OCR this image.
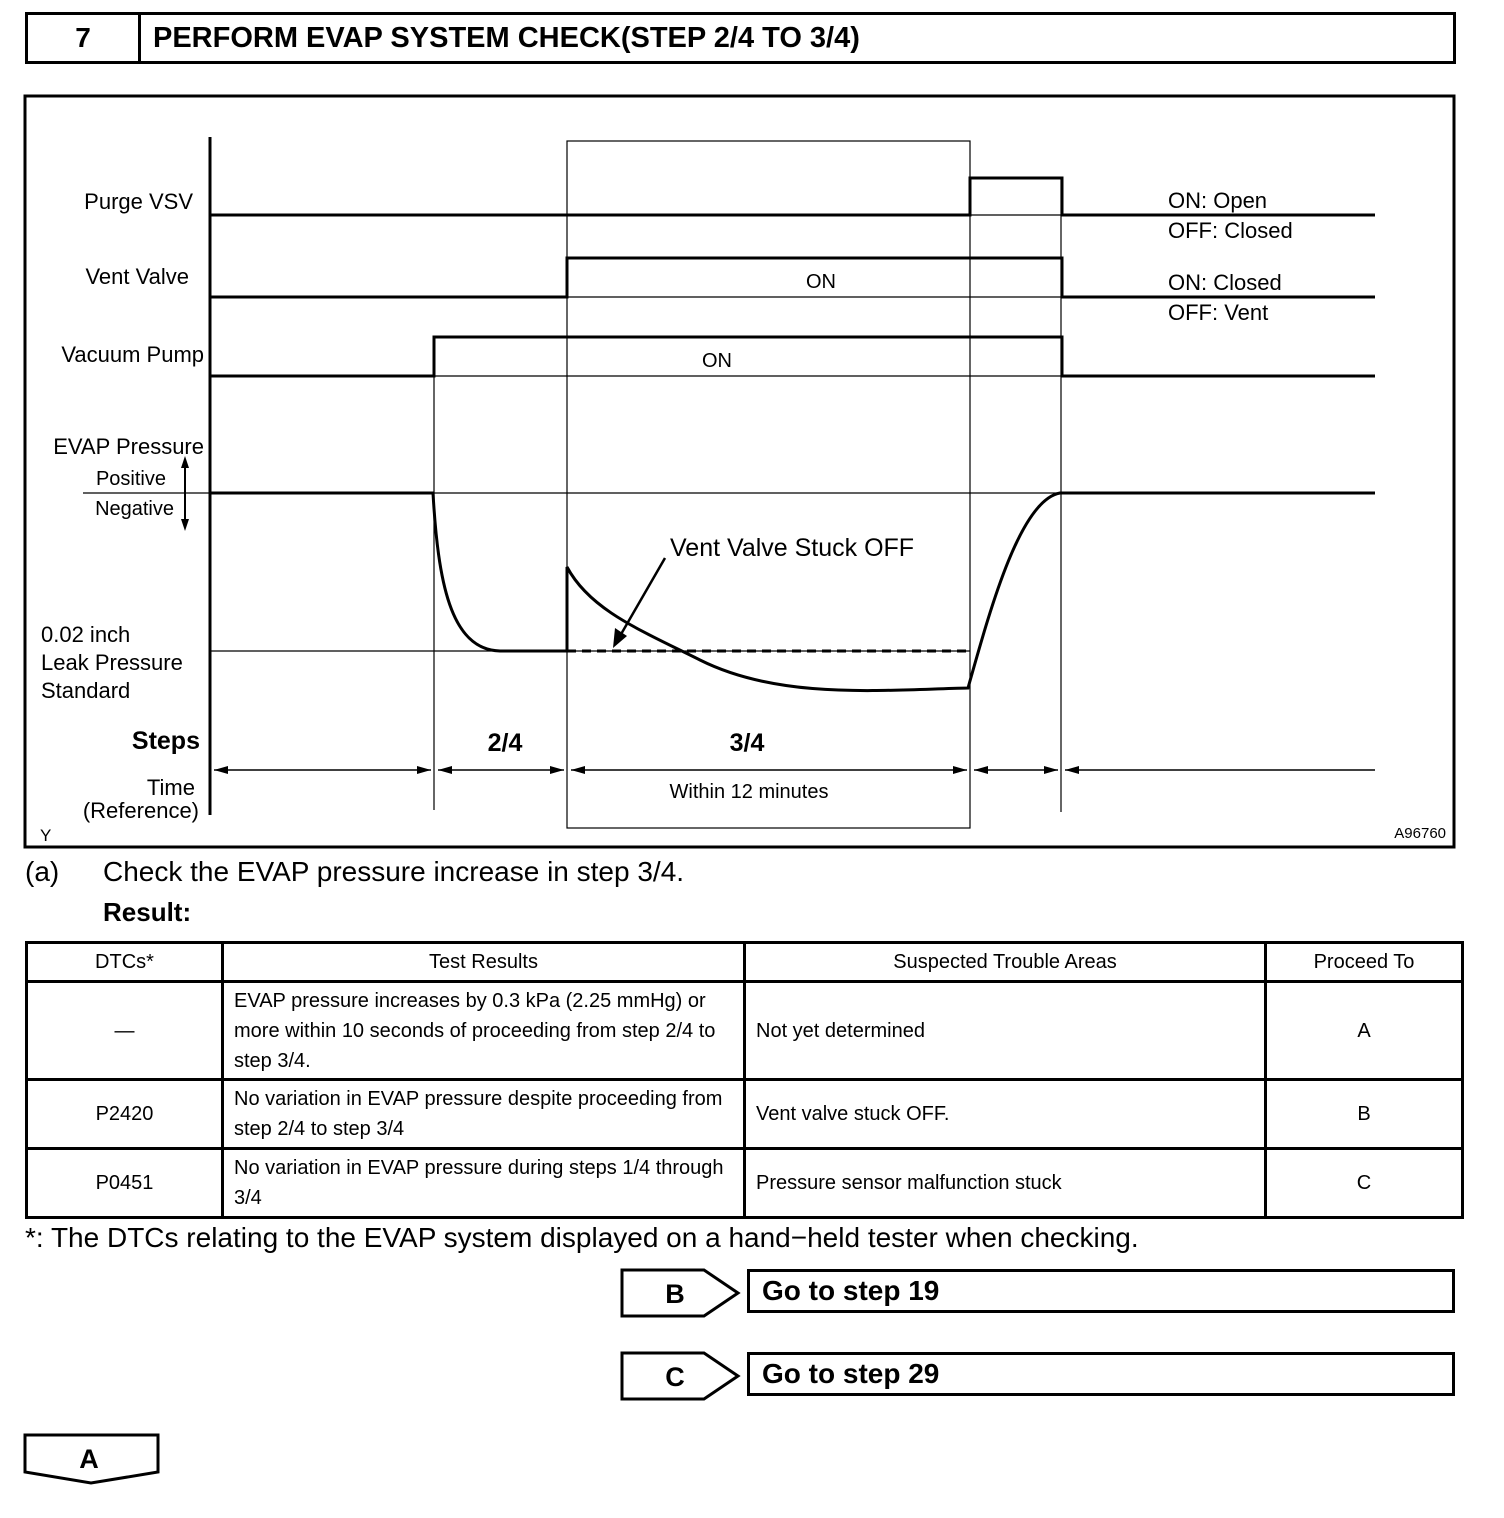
7	PERFORM EVAP SYSTEM CHECK(STEP 2/4 TO 3/4)
Purge VSV
Vent Valve
Vacuum Pump
EVAP Pressure
0.02 inch
Leak Pressure
Standard
Time
(Reference)
ON: Open
OFF: Closed
ON: Closed
OFF: Vent
Positive
Negative
ON
ON
Within 12 minutes
Vent Valve Stuck OFF
Steps	2/4	3/4
A96760
Y
(a) Check the EVAP pressure increase in step 3/4.
Result:
DTCs*	Test Results	Suspected Trouble Areas	Proceed To
—	EVAP pressure increases by 0.3 kPa (2.25 mmHg) or more within 10 seconds of proceeding from step 2/4 to step 3/4.	Not yet determined	A
P2420	No variation in EVAP pressure despite proceeding from step 2/4 to step 3/4	Vent valve stuck OFF.	B
P0451	No variation in EVAP pressure during steps 1/4 through 3/4	Pressure sensor malfunction stuck	C
*: The DTCs relating to the EVAP system displayed on a hand−held tester when checking.
B
C
Go to step 19
Go to step 29
A
